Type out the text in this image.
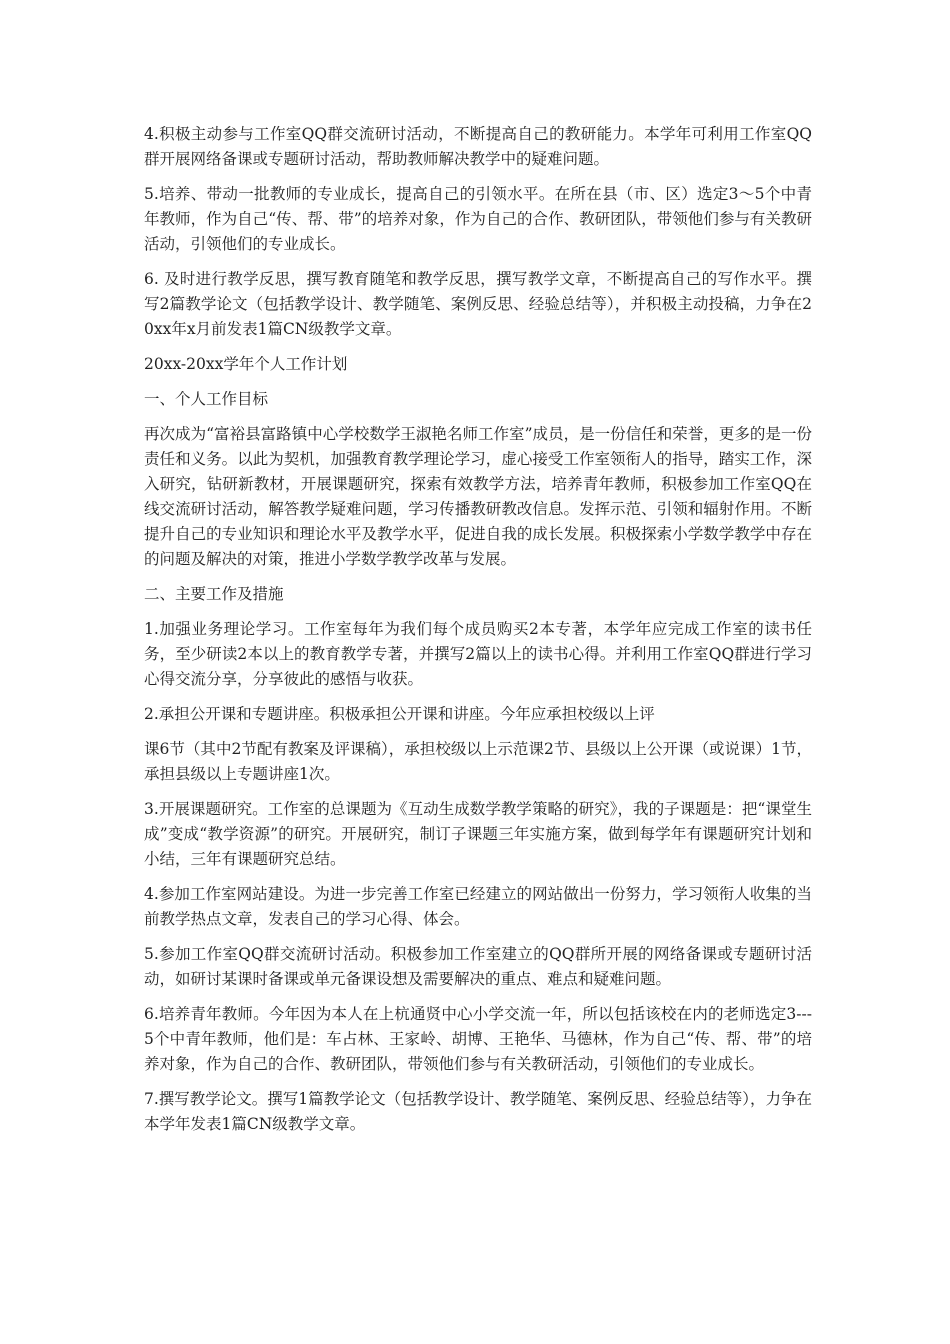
4.积极主动参与工作室QQ群交流研讨活动，不断提高自己的教研能力。本学年可利用工作室QQ群开展网络备课或专题研讨活动，帮助教师解决教学中的疑难问题。

5.培养、带动一批教师的专业成长，提高自己的引领水平。在所在县（市、区）选定3～5个中青年教师，作为自己“传、帮、带”的培养对象，作为自己的合作、教研团队，带领他们参与有关教研活动，引领他们的专业成长。

6. 及时进行教学反思，撰写教育随笔和教学反思，撰写教学文章，不断提高自己的写作水平。撰写2篇教学论文（包括教学设计、教学随笔、案例反思、经验总结等），并积极主动投稿，力争在20xx年x月前发表1篇CN级教学文章。

20xx-20xx学年个人工作计划

一、个人工作目标

再次成为“富裕县富路镇中心学校数学王淑艳名师工作室”成员，是一份信任和荣誉，更多的是一份责任和义务。以此为契机，加强教育教学理论学习，虚心接受工作室领衔人的指导，踏实工作，深入研究，钻研新教材，开展课题研究，探索有效教学方法，培养青年教师，积极参加工作室QQ在线交流研讨活动，解答教学疑难问题，学习传播教研教改信息。发挥示范、引领和辐射作用。不断提升自己的专业知识和理论水平及教学水平，促进自我的成长发展。积极探索小学数学教学中存在的问题及解决的对策，推进小学数学教学改革与发展。

二、主要工作及措施

1.加强业务理论学习。工作室每年为我们每个成员购买2本专著，本学年应完成工作室的读书任务，至少研读2本以上的教育教学专著，并撰写2篇以上的读书心得。并利用工作室QQ群进行学习心得交流分享，分享彼此的感悟与收获。

2.承担公开课和专题讲座。积极承担公开课和讲座。今年应承担校级以上评

课6节（其中2节配有教案及评课稿），承担校级以上示范课2节、县级以上公开课（或说课）1节，承担县级以上专题讲座1次。

3.开展课题研究。工作室的总课题为《互动生成数学教学策略的研究》，我的子课题是：把“课堂生成”变成“教学资源”的研究。开展研究，制订子课题三年实施方案，做到每学年有课题研究计划和小结，三年有课题研究总结。

4.参加工作室网站建设。为进一步完善工作室已经建立的网站做出一份努力，学习领衔人收集的当前教学热点文章，发表自己的学习心得、体会。

5.参加工作室QQ群交流研讨活动。积极参加工作室建立的QQ群所开展的网络备课或专题研讨活动，如研讨某课时备课或单元备课设想及需要解决的重点、难点和疑难问题。

6.培养青年教师。今年因为本人在上杭通贤中心小学交流一年，所以包括该校在内的老师选定3---5个中青年教师，他们是：车占林、王家岭、胡博、王艳华、马德林，作为自己“传、帮、带”的培养对象，作为自己的合作、教研团队，带领他们参与有关教研活动，引领他们的专业成长。

7.撰写教学论文。撰写1篇教学论文（包括教学设计、教学随笔、案例反思、经验总结等），力争在本学年发表1篇CN级教学文章。
